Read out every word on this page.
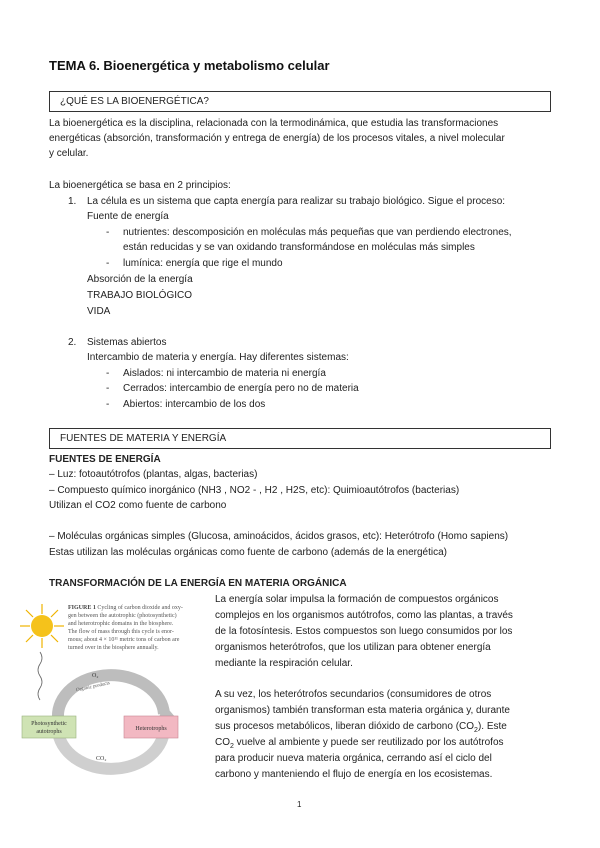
TEMA 6. Bioenergética y metabolismo celular
¿QUÉ ES LA BIOENERGÉTICA?
La bioenergética es la disciplina, relacionada con la termodinámica, que estudia las transformaciones
energéticas (absorción, transformación y entrega de energía) de los procesos vitales, a nivel molecular
y celular.
La bioenergética se basa en 2 principios:
1. La célula es un sistema que capta energía para realizar su trabajo biológico. Sigue el proceso:
Fuente de energía
- nutrientes: descomposición en moléculas más pequeñas que van perdiendo electrones,
están reducidas y se van oxidando transformándose en moléculas más simples
- lumínica: energía que rige el mundo
Absorción de la energía
TRABAJO BIOLÓGICO
VIDA
2. Sistemas abiertos
Intercambio de materia y energía. Hay diferentes sistemas:
- Aislados: ni intercambio de materia ni energía
- Cerrados: intercambio de energía pero no de materia
- Abiertos: intercambio de los dos
FUENTES DE MATERIA Y ENERGÍA
FUENTES DE ENERGÍA
– Luz: fotoautótrofos (plantas, algas, bacterias)
– Compuesto químico inorgánico (NH3 , NO2 - , H2 , H2S, etc): Quimioautótrofos (bacterias)
Utilizan el CO2 como fuente de carbono
– Moléculas orgánicas simples (Glucosa, aminoácidos, ácidos grasos, etc): Heterótrofo (Homo sapiens)
Estas utilizan las moléculas orgánicas como fuente de carbono (además de la energética)
TRANSFORMACIÓN DE LA ENERGÍA EN MATERIA ORGÁNICA
Photosynthetic
autotrophs	Heterotrophs
O₂
Organic products
CO₂
FIGURE 1 Cycling of carbon dioxide and oxy-
gen between the autotrophic (photosynthetic)
and heterotrophic domains in the biosphere.
The flow of mass through this cycle is enor-
mous; about 4 × 10¹¹ metric tons of carbon are
turned over in the biosphere annually.
La energía solar impulsa la formación de compuestos orgánicos
complejos en los organismos autótrofos, como las plantas, a través
de la fotosíntesis. Estos compuestos son luego consumidos por los
organismos heterótrofos, que los utilizan para obtener energía
mediante la respiración celular.
A su vez, los heterótrofos secundarios (consumidores de otros
organismos) también transforman esta materia orgánica y, durante
sus procesos metabólicos, liberan dióxido de carbono $(CO_2)$. Este
$CO_2$ vuelve al ambiente y puede ser reutilizado por los autótrofos
para producir nueva materia orgánica, cerrando así el ciclo del
carbono y manteniendo el flujo de energía en los ecosistemas.
1
